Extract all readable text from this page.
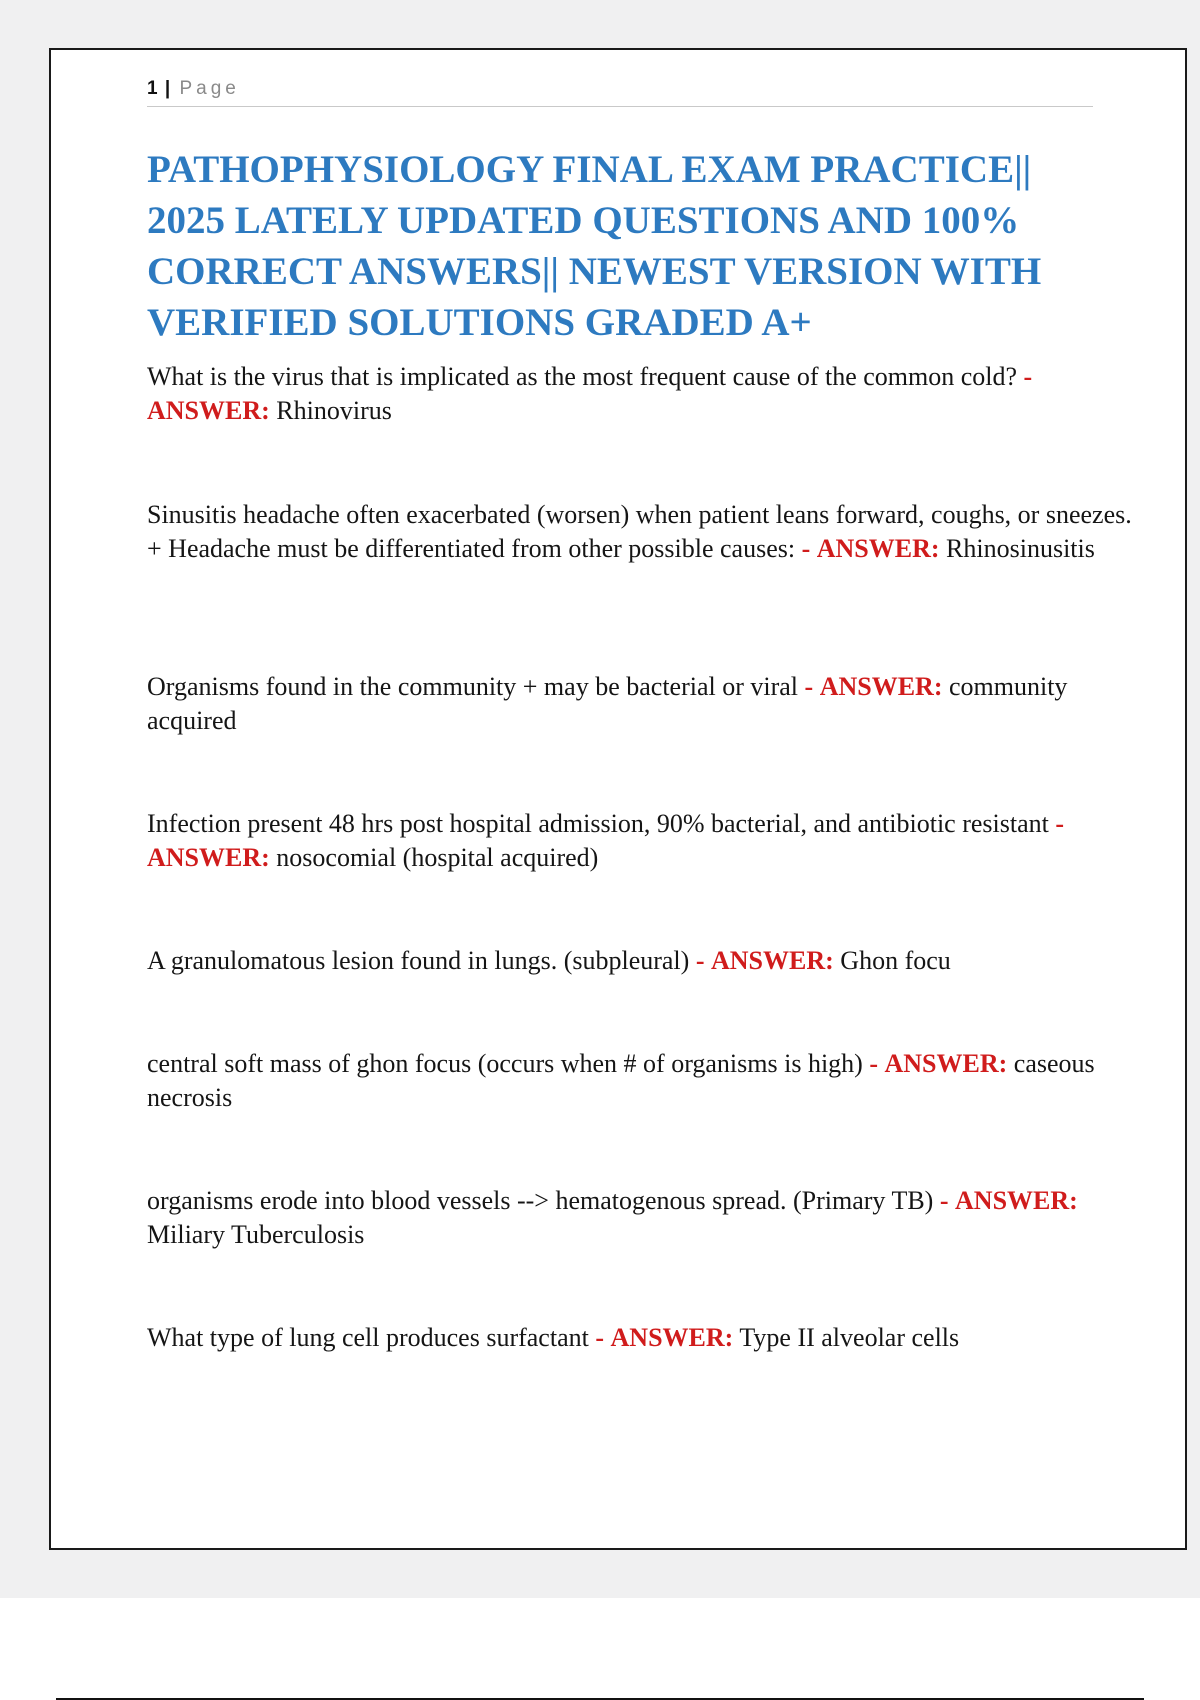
1 | Page
PATHOPHYSIOLOGY FINAL EXAM PRACTICE|| 2025 LATELY UPDATED QUESTIONS AND 100% CORRECT ANSWERS|| NEWEST VERSION WITH VERIFIED SOLUTIONS GRADED A+
What is the virus that is implicated as the most frequent cause of the common cold? - ANSWER: Rhinovirus
Sinusitis headache often exacerbated (worsen) when patient leans forward, coughs, or sneezes. + Headache must be differentiated from other possible causes: - ANSWER: Rhinosinusitis
Organisms found in the community + may be bacterial or viral - ANSWER: community acquired
Infection present 48 hrs post hospital admission, 90% bacterial, and antibiotic resistant - ANSWER: nosocomial (hospital acquired)
A granulomatous lesion found in lungs. (subpleural) - ANSWER: Ghon focu
central soft mass of ghon focus (occurs when # of organisms is high) - ANSWER: caseous necrosis
organisms erode into blood vessels --> hematogenous spread. (Primary TB) - ANSWER: Miliary Tuberculosis
What type of lung cell produces surfactant - ANSWER: Type II alveolar cells
